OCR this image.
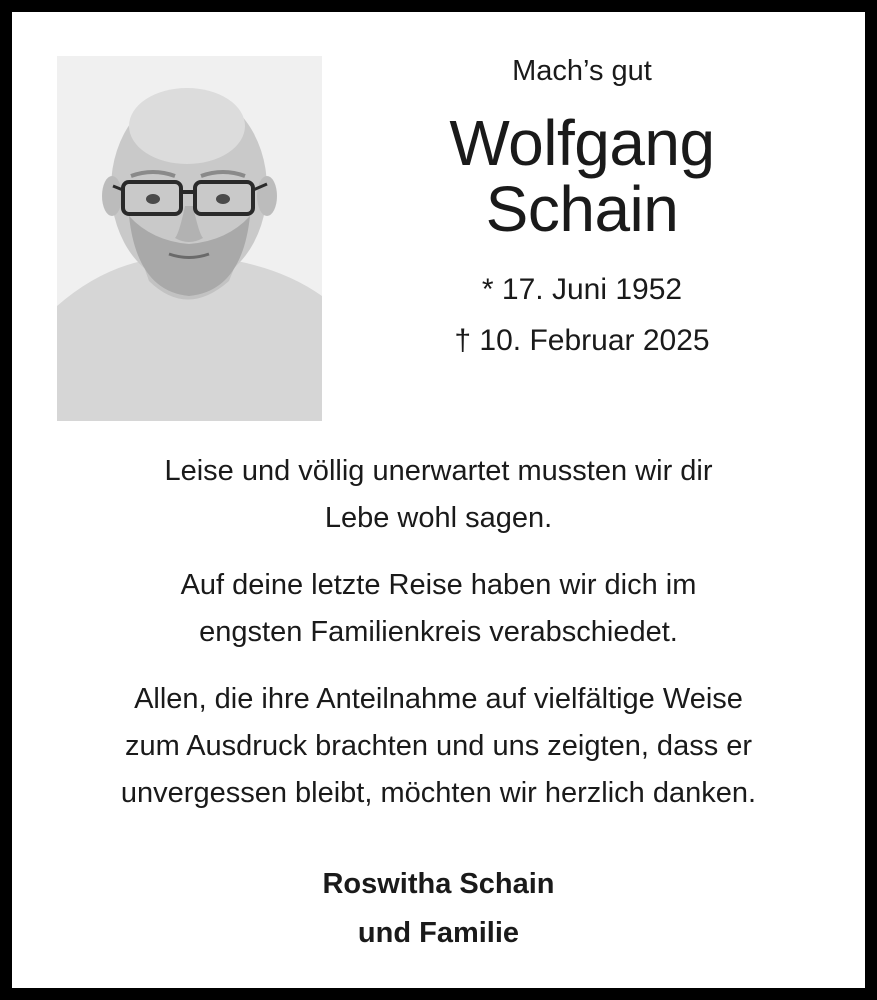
Mach’s gut

Wolfgang
Schain
* 17. Juni 1952
† 10. Februar 2025

Leise und völlig unerwartet mussten wir dir
Lebe wohl sagen.

Auf deine letzte Reise haben wir dich im
engsten Familienkreis verabschiedet.

Allen, die ihre Anteilnahme auf vielfältige Weise
zum Ausdruck brachten und uns zeigten, dass er
unvergessen bleibt, möchten wir herzlich danken.

Roswitha Schain
und Familie
